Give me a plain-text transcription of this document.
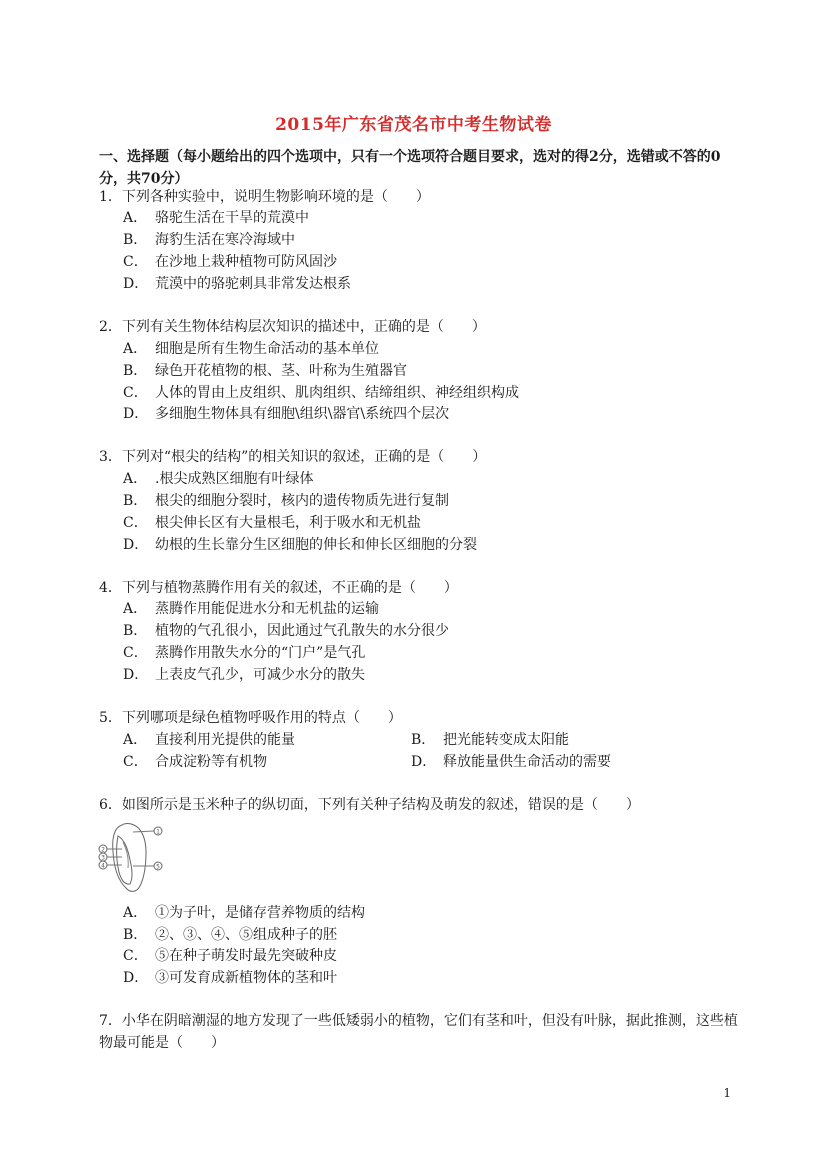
2015年广东省茂名市中考生物试卷
一、选择题（每小题给出的四个选项中，只有一个选项符合题目要求，选对的得2分，选错或不答的0分，共70分）
1．下列各种实验中，说明生物影响环境的是（　　）
A． 骆驼生活在干旱的荒漠中
B． 海豹生活在寒冷海域中
C． 在沙地上栽种植物可防风固沙
D． 荒漠中的骆驼刺具非常发达根系
2．下列有关生物体结构层次知识的描述中，正确的是（　　）
A． 细胞是所有生物生命活动的基本单位
B． 绿色开花植物的根、茎、叶称为生殖器官
C． 人体的胃由上皮组织、肌肉组织、结缔组织、神经组织构成
D． 多细胞生物体具有细胞\组织\器官\系统四个层次
3．下列对“根尖的结构”的相关知识的叙述，正确的是（　　）
A． .根尖成熟区细胞有叶绿体
B． 根尖的细胞分裂时，核内的遗传物质先进行复制
C． 根尖伸长区有大量根毛，利于吸水和无机盐
D． 幼根的生长靠分生区细胞的伸长和伸长区细胞的分裂
4．下列与植物蒸腾作用有关的叙述，不正确的是（　　）
A． 蒸腾作用能促进水分和无机盐的运输
B． 植物的气孔很小，因此通过气孔散失的水分很少
C． 蒸腾作用散失水分的“门户”是气孔
D． 上表皮气孔少，可减少水分的散失
5．下列哪项是绿色植物呼吸作用的特点（　　）
A． 直接利用光提供的能量	B． 把光能转变成太阳能
C． 合成淀粉等有机物	D． 释放能量供生命活动的需要
6．如图所示是玉米种子的纵切面，下列有关种子结构及萌发的叙述，错误的是（　　）
1
2
3
4	5
A． ①为子叶，是储存营养物质的结构
B． ②、③、④、⑤组成种子的胚
C． ⑤在种子萌发时最先突破种皮
D． ③可发育成新植物体的茎和叶
7．小华在阴暗潮湿的地方发现了一些低矮弱小的植物，它们有茎和叶，但没有叶脉，据此推测，这些植物最可能是（　　）
1
